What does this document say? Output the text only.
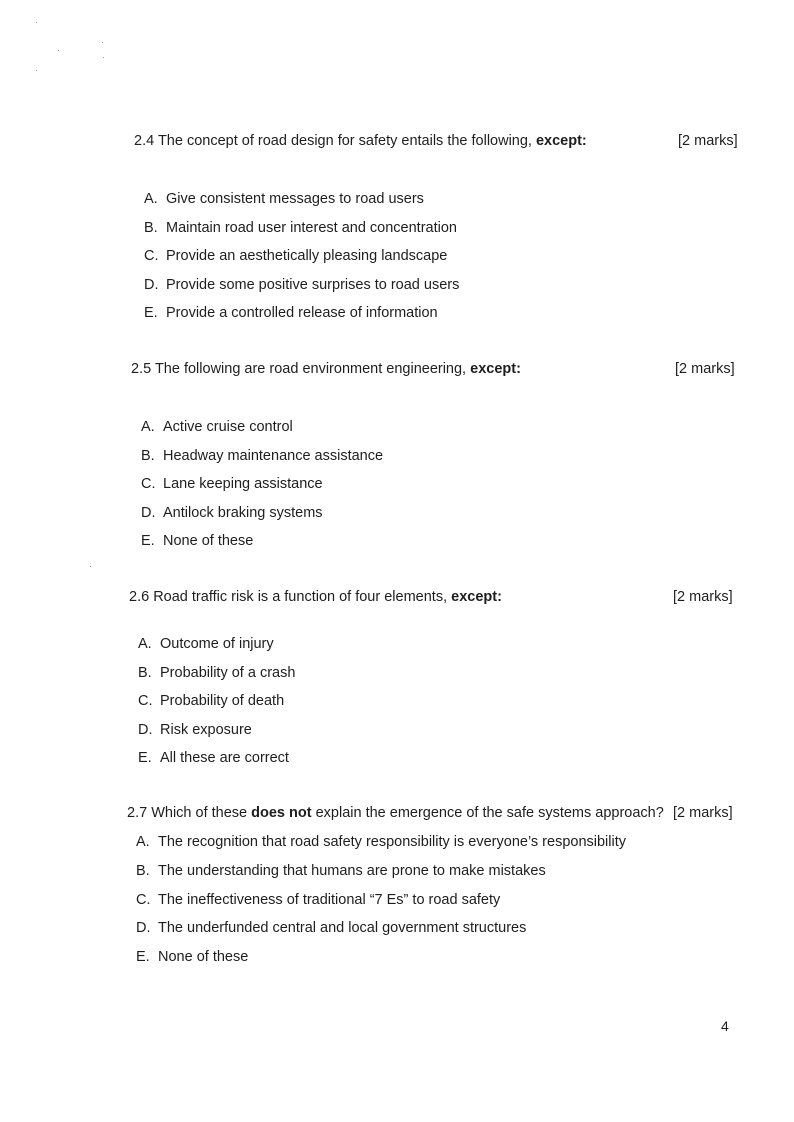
2.4 The concept of road design for safety entails the following, except:	[2 marks]
A. Give consistent messages to road users
B. Maintain road user interest and concentration
C. Provide an aesthetically pleasing landscape
D. Provide some positive surprises to road users
E. Provide a controlled release of information
2.5 The following are road environment engineering, except:	[2 marks]
A. Active cruise control
B. Headway maintenance assistance
C. Lane keeping assistance
D. Antilock braking systems
E. None of these
2.6 Road traffic risk is a function of four elements, except:	[2 marks]
A. Outcome of injury
B. Probability of a crash
C. Probability of death
D. Risk exposure
E. All these are correct
2.7 Which of these does not explain the emergence of the safe systems approach? [2 marks]
A. The recognition that road safety responsibility is everyone’s responsibility
B. The understanding that humans are prone to make mistakes
C. The ineffectiveness of traditional “7 Es” to road safety
D. The underfunded central and local government structures
E. None of these
4
